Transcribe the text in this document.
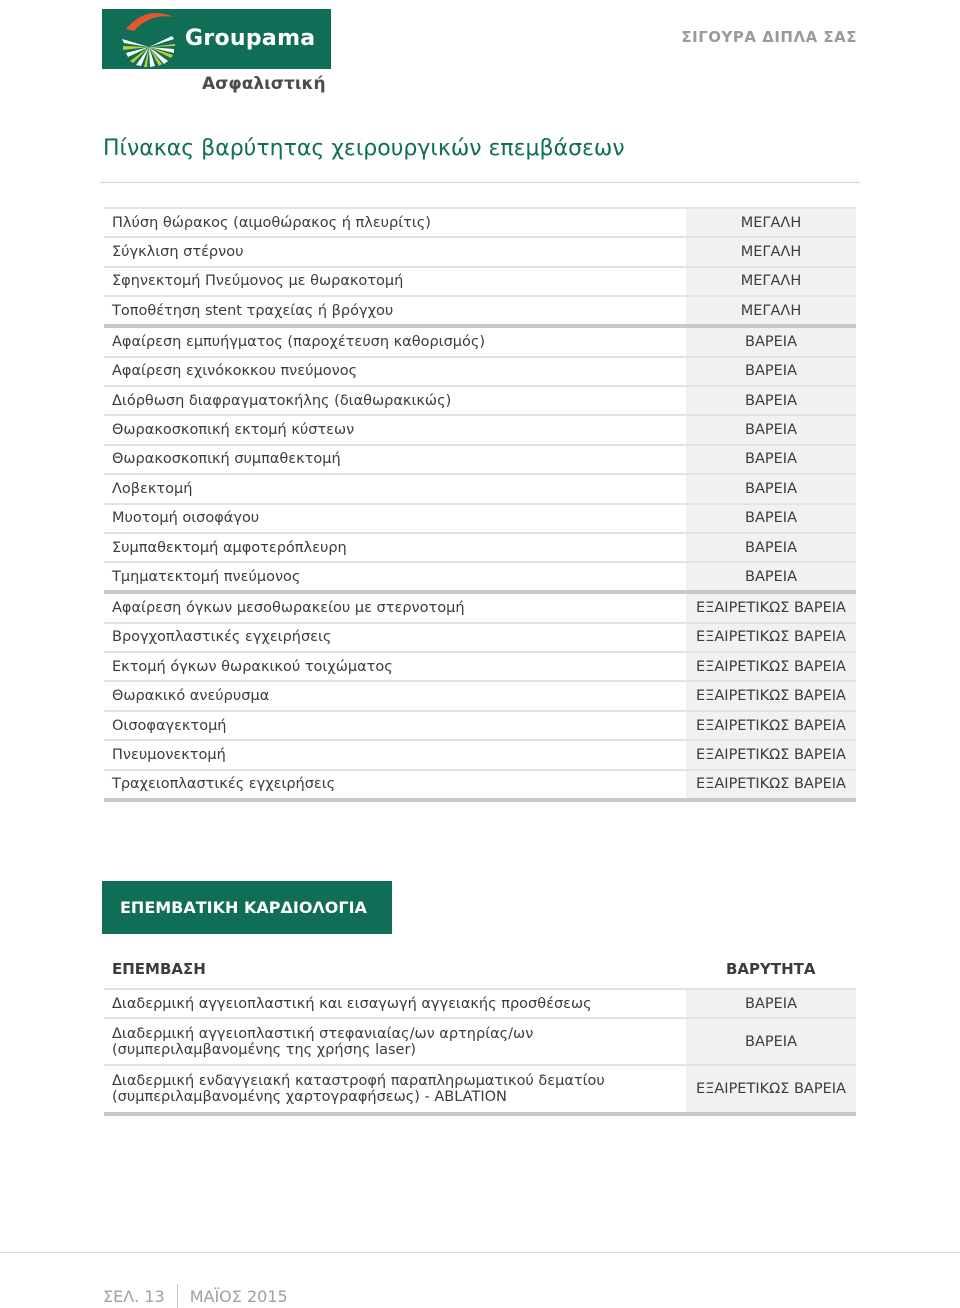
Groupama
Ασφαλιστική
ΣΙΓΟΥΡΑ ΔΙΠΛΑ ΣΑΣ
Πίνακας βαρύτητας χειρουργικών επεμβάσεων
Πλύση θώρακος (αιμοθώρακος ή πλευρίτις)	ΜΕΓΑΛΗ
Σύγκλιση στέρνου	ΜΕΓΑΛΗ
Σφηνεκτομή Πνεύμονος με θωρακοτομή	ΜΕΓΑΛΗ
Τοποθέτηση stent τραχείας ή βρόγχου	ΜΕΓΑΛΗ
Αφαίρεση εμπυήγματος (παροχέτευση καθορισμός)	ΒΑΡΕΙΑ
Αφαίρεση εχινόκοκκου πνεύμονος	ΒΑΡΕΙΑ
Διόρθωση διαφραγματοκήλης (διαθωρακικώς)	ΒΑΡΕΙΑ
Θωρακοσκοπική εκτομή κύστεων	ΒΑΡΕΙΑ
Θωρακοσκοπική συμπαθεκτομή	ΒΑΡΕΙΑ
Λοβεκτομή	ΒΑΡΕΙΑ
Μυοτομή οισοφάγου	ΒΑΡΕΙΑ
Συμπαθεκτομή αμφοτερόπλευρη	ΒΑΡΕΙΑ
Τμηματεκτομή πνεύμονος	ΒΑΡΕΙΑ
Αφαίρεση όγκων μεσοθωρακείου με στερνοτομή	ΕΞΑΙΡΕΤΙΚΩΣ ΒΑΡΕΙΑ
Βρογχοπλαστικές εγχειρήσεις	ΕΞΑΙΡΕΤΙΚΩΣ ΒΑΡΕΙΑ
Εκτομή όγκων θωρακικού τοιχώματος	ΕΞΑΙΡΕΤΙΚΩΣ ΒΑΡΕΙΑ
Θωρακικό ανεύρυσμα	ΕΞΑΙΡΕΤΙΚΩΣ ΒΑΡΕΙΑ
Οισοφαγεκτομή	ΕΞΑΙΡΕΤΙΚΩΣ ΒΑΡΕΙΑ
Πνευμονεκτομή	ΕΞΑΙΡΕΤΙΚΩΣ ΒΑΡΕΙΑ
Τραχειοπλαστικές εγχειρήσεις	ΕΞΑΙΡΕΤΙΚΩΣ ΒΑΡΕΙΑ
ΕΠΕΜΒΑΤΙΚΗ ΚΑΡΔΙΟΛΟΓΙΑ
ΕΠΕΜΒΑΣΗ	ΒΑΡΥΤΗΤΑ
Διαδερμική αγγειοπλαστική και εισαγωγή αγγειακής προσθέσεως	ΒΑΡΕΙΑ
Διαδερμική αγγειοπλαστική στεφανιαίας/ων αρτηρίας/ων (συμπεριλαμβανομένης της χρήσης laser)	ΒΑΡΕΙΑ
Διαδερμική ενδαγγειακή καταστροφή παραπληρωματικού δεματίου (συμπεριλαμβανομένης χαρτογραφήσεως) - ABLATION	ΕΞΑΙΡΕΤΙΚΩΣ ΒΑΡΕΙΑ
ΣΕΛ. 13 ΜΑΪΟΣ 2015
